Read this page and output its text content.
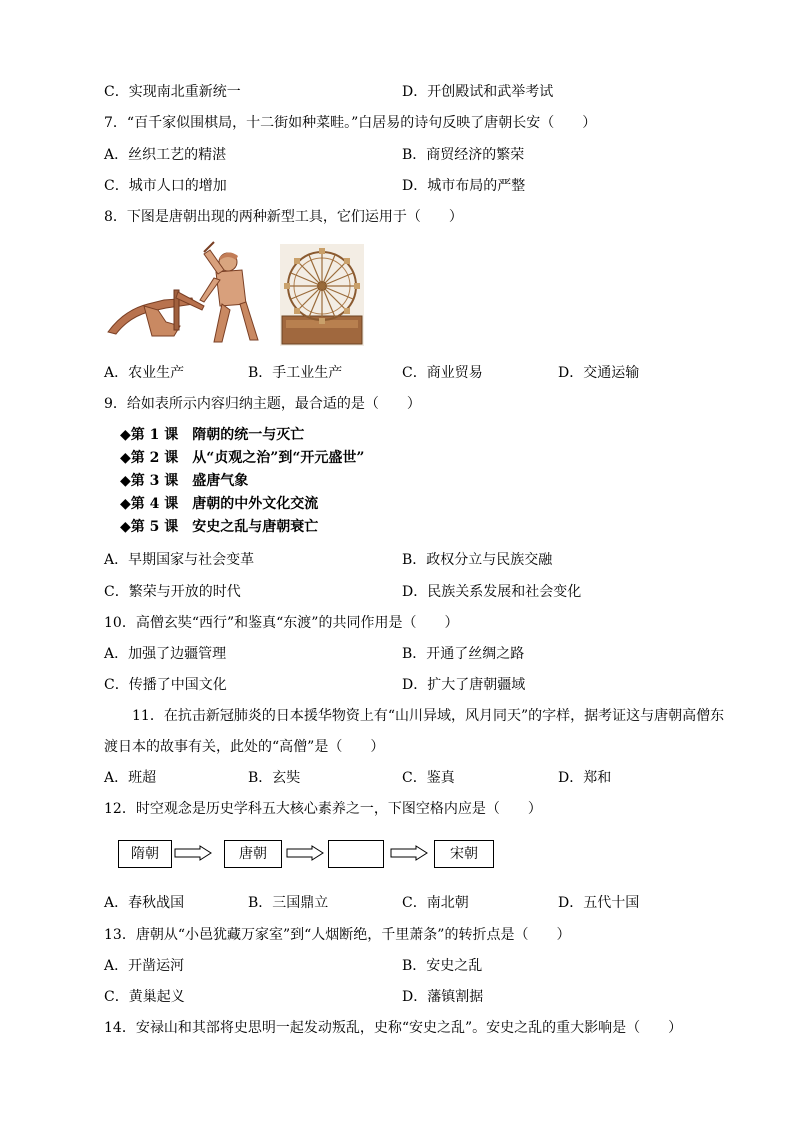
C．实现南北重新统一	D．开创殿试和武举考试
7．“百千家似围棋局，十二街如种菜畦。”白居易的诗句反映了唐朝长安（　　）
A．丝织工艺的精湛	B．商贸经济的繁荣
C．城市人口的增加	D．城市布局的严整
8．下图是唐朝出现的两种新型工具，它们运用于（　　）
A．农业生产	B．手工业生产	C．商业贸易	D．交通运输
9．给如表所示内容归纳主题，最合适的是（　　）
◆第 1 课　隋朝的统一与灭亡
◆第 2 课　从“贞观之治”到“开元盛世”
◆第 3 课　盛唐气象
◆第 4 课　唐朝的中外文化交流
◆第 5 课　安史之乱与唐朝衰亡
A．早期国家与社会变革	B．政权分立与民族交融
C．繁荣与开放的时代	D．民族关系发展和社会变化
10．高僧玄奘“西行”和鉴真“东渡”的共同作用是（　　）
A．加强了边疆管理	B．开通了丝绸之路
C．传播了中国文化	D．扩大了唐朝疆域
11．在抗击新冠肺炎的日本援华物资上有“山川异域，风月同天”的字样，据考证这与唐朝高僧东
渡日本的故事有关，此处的“高僧”是（　　）
A．班超	B．玄奘	C．鉴真	D．郑和
12．时空观念是历史学科五大核心素养之一，下图空格内应是（　　）
隋朝	唐朝	宋朝
A．春秋战国	B．三国鼎立	C．南北朝	D．五代十国
13．唐朝从“小邑犹藏万家室”到“人烟断绝，千里萧条”的转折点是（　　）
A．开凿运河	B．安史之乱
C．黄巢起义	D．藩镇割据
14．安禄山和其部将史思明一起发动叛乱，史称“安史之乱”。安史之乱的重大影响是（　　）
